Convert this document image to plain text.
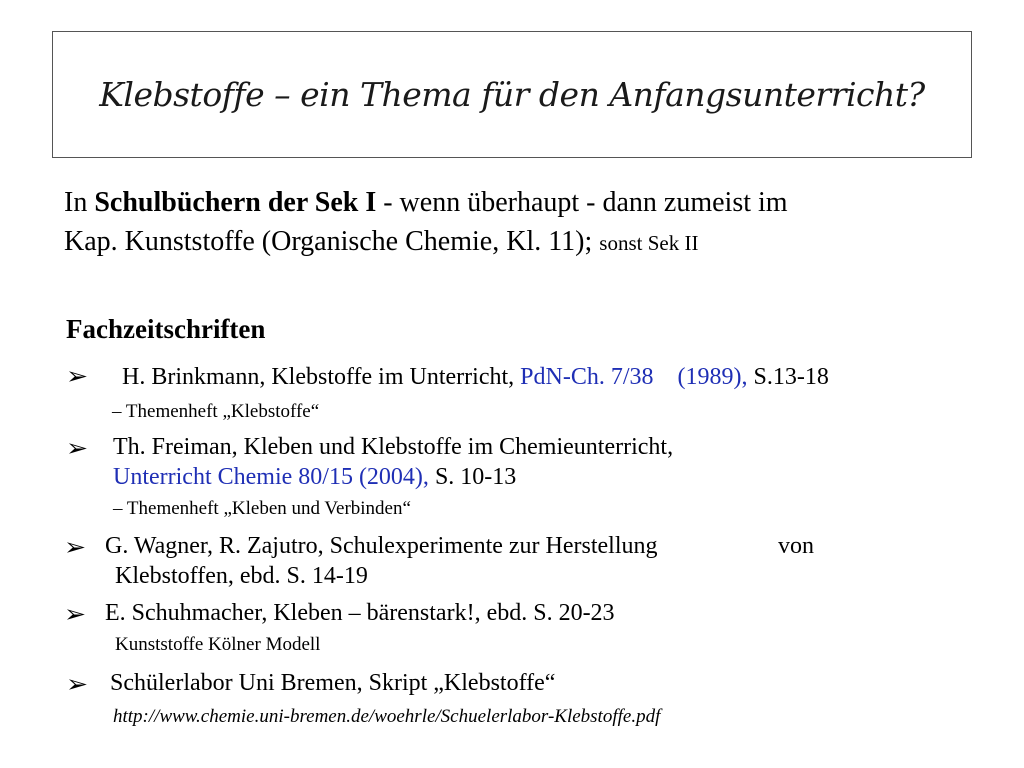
Klebstoffe – ein Thema für den Anfangsunterricht?
In Schulbüchern der Sek I - wenn überhaupt - dann zumeist im
Kap. Kunststoffe (Organische Chemie, Kl. 11); sonst Sek II
Fachzeitschriften
➢ H. Brinkmann, Klebstoffe im Unterricht, PdN-Ch. 7/38 (1989), S.13-18
– Themenheft „Klebstoffe“
➢ Th. Freiman, Kleben und Klebstoffe im Chemieunterricht,
Unterricht Chemie 80/15 (2004), S. 10-13
– Themenheft „Kleben und Verbinden“
➢ G. Wagner, R. Zajutro, Schulexperimente zur Herstellung	von
Klebstoffen, ebd. S. 14-19
➢ E. Schuhmacher, Kleben – bärenstark!, ebd. S. 20-23
Kunststoffe Kölner Modell
➢ Schülerlabor Uni Bremen, Skript „Klebstoffe“
http://www.chemie.uni-bremen.de/woehrle/Schuelerlabor-Klebstoffe.pdf
